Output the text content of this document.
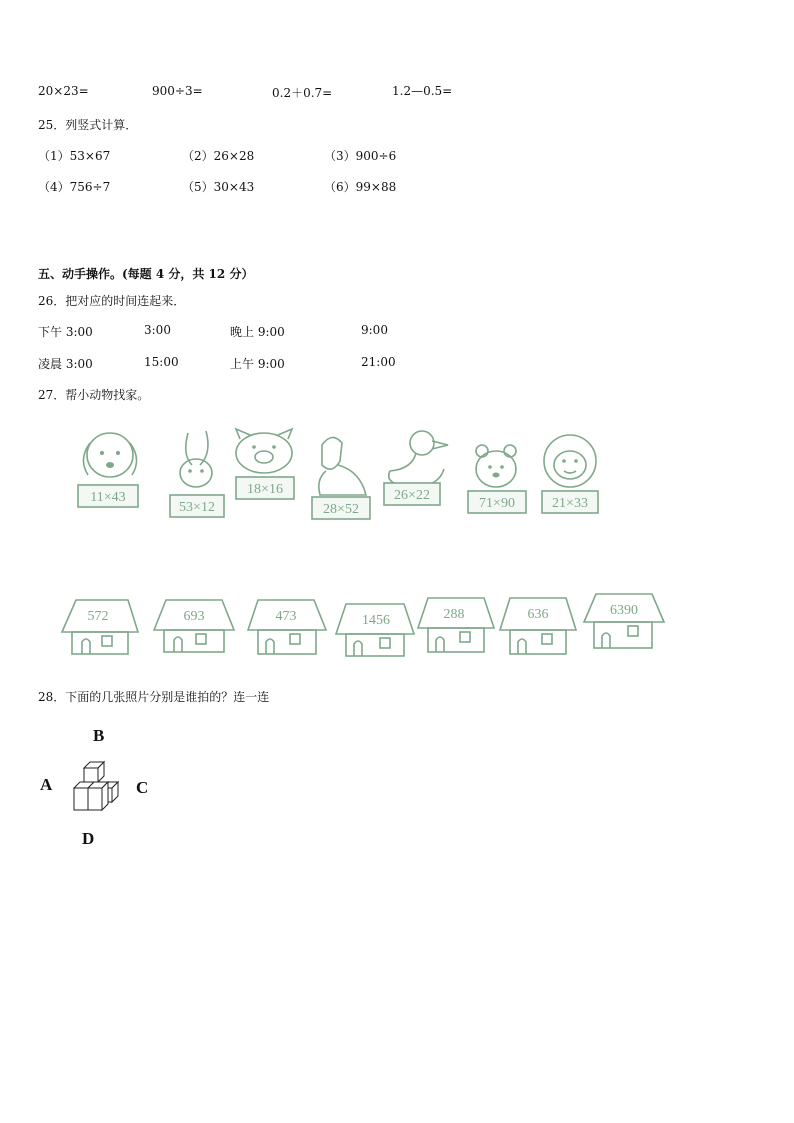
20×23=	900÷3=	0.2＋0.7=	1.2—0.5=
25．列竖式计算．
（1）53×67	（2）26×28	（3）900÷6
（4）756÷7	（5）30×43	（6）99×88
五、动手操作。(每题 4 分，共 12 分）
26．把对应的时间连起来．
下午 3:00	3:00	晚上 9:00	9:00
凌晨 3:00	15:00	上午 9:00	21:00
27．帮小动物找家。
11×43
53×12
18×16
28×52
26×22
71×90	21×33
572	693	473	1456	288	636	6390
28．下面的几张照片分别是谁拍的？连一连
B
A	C
D
